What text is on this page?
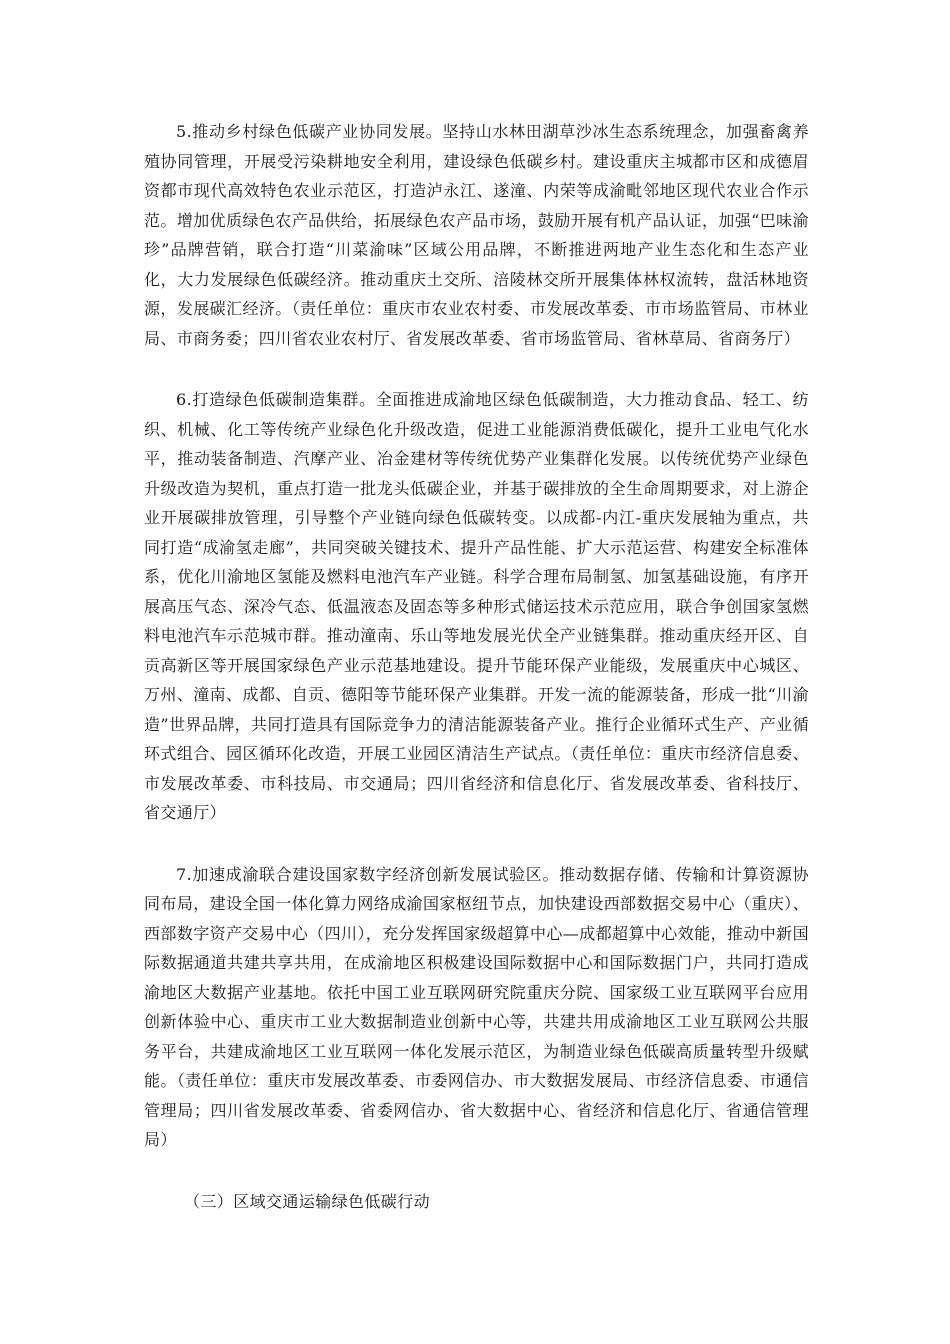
5.推动乡村绿色低碳产业协同发展。坚持山水林田湖草沙冰生态系统理念，加强畜禽养殖协同管理，开展受污染耕地安全利用，建设绿色低碳乡村。建设重庆主城都市区和成德眉资都市现代高效特色农业示范区，打造泸永江、遂潼、内荣等成渝毗邻地区现代农业合作示范。增加优质绿色农产品供给，拓展绿色农产品市场，鼓励开展有机产品认证，加强“巴味渝珍”品牌营销，联合打造“川菜渝味”区域公用品牌，不断推进两地产业生态化和生态产业化，大力发展绿色低碳经济。推动重庆土交所、涪陵林交所开展集体林权流转，盘活林地资源，发展碳汇经济。（责任单位：重庆市农业农村委、市发展改革委、市市场监管局、市林业局、市商务委；四川省农业农村厅、省发展改革委、省市场监管局、省林草局、省商务厅）

6.打造绿色低碳制造集群。全面推进成渝地区绿色低碳制造，大力推动食品、轻工、纺织、机械、化工等传统产业绿色化升级改造，促进工业能源消费低碳化，提升工业电气化水平，推动装备制造、汽摩产业、冶金建材等传统优势产业集群化发展。以传统优势产业绿色升级改造为契机，重点打造一批龙头低碳企业，并基于碳排放的全生命周期要求，对上游企业开展碳排放管理，引导整个产业链向绿色低碳转变。以成都-内江-重庆发展轴为重点，共同打造“成渝氢走廊”，共同突破关键技术、提升产品性能、扩大示范运营、构建安全标准体系，优化川渝地区氢能及燃料电池汽车产业链。科学合理布局制氢、加氢基础设施，有序开展高压气态、深冷气态、低温液态及固态等多种形式储运技术示范应用，联合争创国家氢燃料电池汽车示范城市群。推动潼南、乐山等地发展光伏全产业链集群。推动重庆经开区、自贡高新区等开展国家绿色产业示范基地建设。提升节能环保产业能级，发展重庆中心城区、万州、潼南、成都、自贡、德阳等节能环保产业集群。开发一流的能源装备，形成一批“川渝造”世界品牌，共同打造具有国际竞争力的清洁能源装备产业。推行企业循环式生产、产业循环式组合、园区循环化改造，开展工业园区清洁生产试点。（责任单位：重庆市经济信息委、市发展改革委、市科技局、市交通局；四川省经济和信息化厅、省发展改革委、省科技厅、省交通厅）

7.加速成渝联合建设国家数字经济创新发展试验区。推动数据存储、传输和计算资源协同布局，建设全国一体化算力网络成渝国家枢纽节点，加快建设西部数据交易中心（重庆）、西部数字资产交易中心（四川），充分发挥国家级超算中心—成都超算中心效能，推动中新国际数据通道共建共享共用，在成渝地区积极建设国际数据中心和国际数据门户，共同打造成渝地区大数据产业基地。依托中国工业互联网研究院重庆分院、国家级工业互联网平台应用创新体验中心、重庆市工业大数据制造业创新中心等，共建共用成渝地区工业互联网公共服务平台，共建成渝地区工业互联网一体化发展示范区，为制造业绿色低碳高质量转型升级赋能。（责任单位：重庆市发展改革委、市委网信办、市大数据发展局、市经济信息委、市通信管理局；四川省发展改革委、省委网信办、省大数据中心、省经济和信息化厅、省通信管理局）

（三）区域交通运输绿色低碳行动
